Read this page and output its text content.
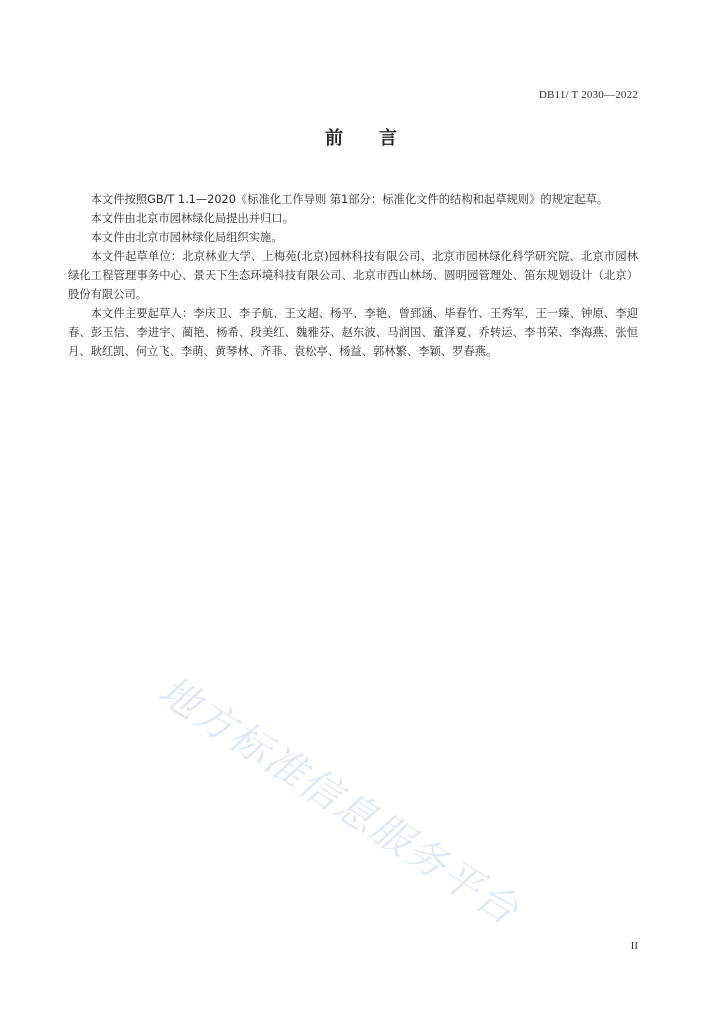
DB11/ T 2030—2022
前 言

本文件按照GB/T 1.1—2020《标准化工作导则 第1部分：标准化文件的结构和起草规则》的规定起草。

本文件由北京市园林绿化局提出并归口。

本文件由北京市园林绿化局组织实施。

本文件起草单位：北京林业大学、上梅苑(北京)园林科技有限公司、北京市园林绿化科学研究院、北京市园林绿化工程管理事务中心、景天下生态环境科技有限公司、北京市西山林场、圆明园管理处、笛东规划设计（北京）股份有限公司。

本文件主要起草人：李庆卫、李子航、王文超、杨平、李艳、曾郅涵、毕春竹、王秀军、王一臻、钟原、李迎春、彭玉信、李进宇、蔺艳、杨希、段美红、魏雅芬、赵东波、马润国、董泽夏、乔转运、李书荣、李海燕、张恒月、耿红凯、何立飞、李萌、黄琴林、齐菲、袁松亭、杨益、郭林繁、李颖、罗春燕。

地方标准信息服务平台
II
